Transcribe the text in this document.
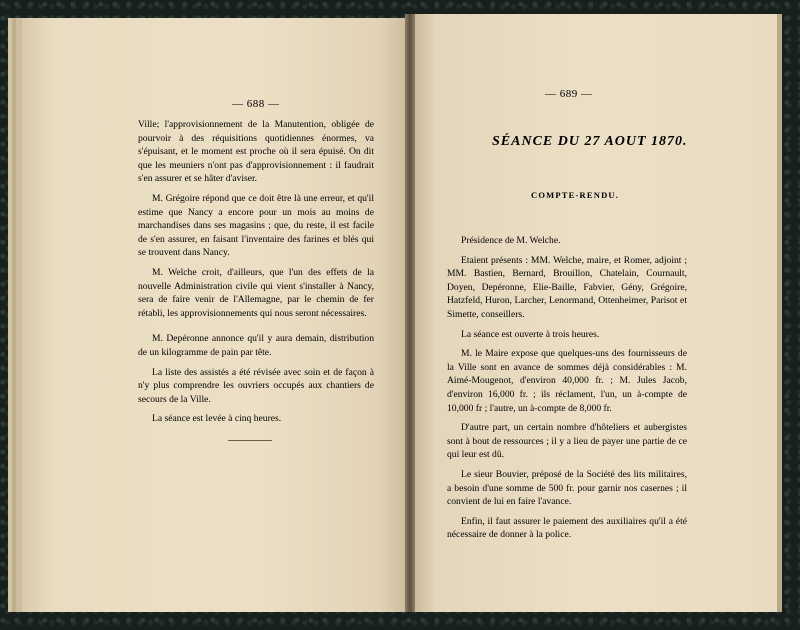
— 688 —

Ville; l'approvisionnement de la Manutention, obligée de pourvoir à des réquisitions quotidiennes énormes, va s'épuisant, et le moment est proche où il sera épuisé. On dit que les meuniers n'ont pas d'approvisionnement : il faudrait s'en assurer et se hâter d'aviser.

M. Grégoire répond que ce doit être là une erreur, et qu'il estime que Nancy a encore pour un mois au moins de marchandises dans ses magasins ; que, du reste, il est facile de s'en assurer, en faisant l'inventaire des farines et blés qui se trouvent dans Nancy.

M. Welche croit, d'ailleurs, que l'un des effets de la nouvelle Administration civile qui vient s'installer à Nancy, sera de faire venir de l'Allemagne, par le chemin de fer rétabli, les approvisionnements qui nous seront nécessaires.

M. Depéronne annonce qu'il y aura demain, distribution de un kilogramme de pain par tête.

La liste des assistés a été révisée avec soin et de façon à n'y plus comprendre les ouvriers occupés aux chantiers de secours de la Ville.

La séance est levée à cinq heures.

— 689 —
SÉANCE DU 27 AOUT 1870.
COMPTE-RENDU.

Présidence de M. Welche.

Etaient présents : MM. Welche, maire, et Romer, adjoint ; MM. Bastien, Bernard, Brouillon, Chatelain, Cournault, Doyen, Depéronne, Elie-Baille, Fabvier, Gény, Grégoire, Hatzfeld, Huron, Larcher, Lenormand, Ottenheimer, Parisot et Simette, conseillers.

La séance est ouverte à trois heures.

M. le Maire expose que quelques-uns des fournisseurs de la Ville sont en avance de sommes déjà considérables : M. Aimé-Mougenot, d'environ 40,000 fr. ; M. Jules Jacob, d'environ 16,000 fr. ; ils réclament, l'un, un à-compte de 10,000 fr ; l'autre, un à-compte de 8,000 fr.

D'autre part, un certain nombre d'hôteliers et aubergistes sont à bout de ressources ; il y a lieu de payer une partie de ce qui leur est dû.

Le sieur Bouvier, préposé de la Société des lits militaires, a besoin d'une somme de 500 fr. pour garnir nos casernes ; il convient de lui en faire l'avance.

Enfin, il faut assurer le paiement des auxiliaires qu'il a été nécessaire de donner à la police.
